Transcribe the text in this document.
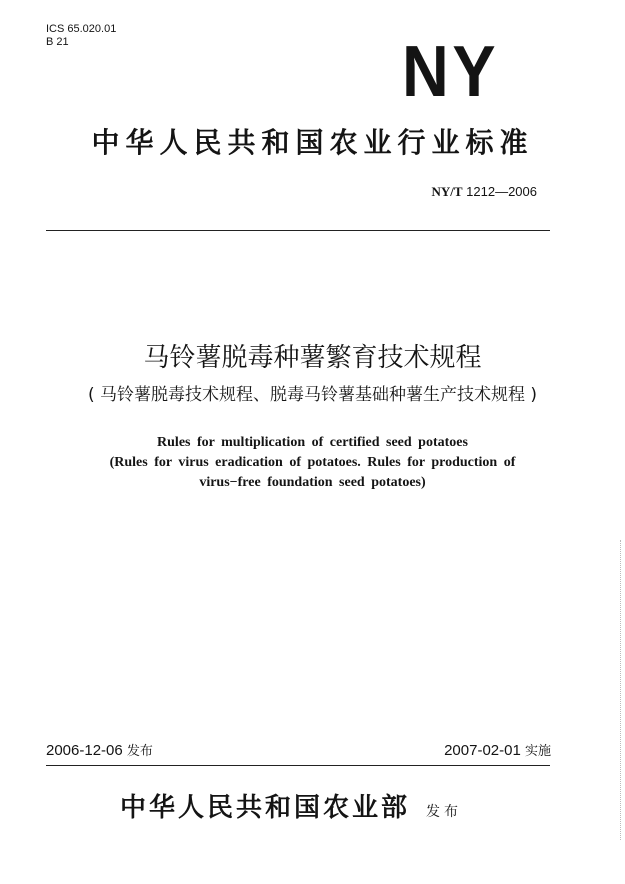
ICS 65.020.01
B 21	NY
中华人民共和国农业行业标准
NY/T 1212—2006
马铃薯脱毒种薯繁育技术规程
( 马铃薯脱毒技术规程、脱毒马铃薯基础种薯生产技术规程 )
Rules for multiplication of certified seed potatoes
(Rules for virus eradication of potatoes. Rules for production of
virus−free foundation seed potatoes)
2006-12-06 发布	2007-02-01 实施
中华人民共和国农业部 发布
